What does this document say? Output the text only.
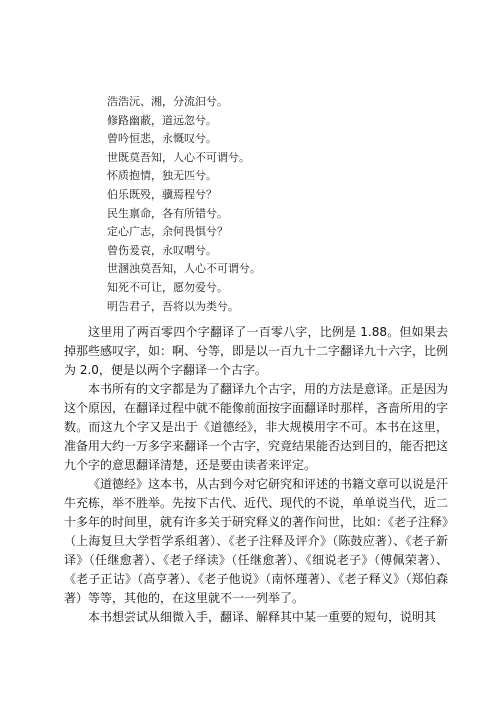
浩浩沅、湘，分流汩兮。
修路幽蔽，道远忽兮。
曾吟恒悲，永慨叹兮。
世既莫吾知，人心不可谓兮。
怀质抱情，独无匹兮。
伯乐既殁，骥焉程兮？
民生禀命，各有所错兮。
定心广志，余何畏惧兮？
曾伤爰哀，永叹喟兮。
世溷浊莫吾知，人心不可谓兮。
知死不可让，愿勿爱兮。
明告君子，吾将以为类兮。

这里用了两百零四个字翻译了一百零八字，比例是 1.88。但如果去掉那些感叹字，如：啊、兮等，即是以一百九十二字翻译九十六字，比例为 2.0，便是以两个字翻译一个古字。

本书所有的文字都是为了翻译九个古字，用的方法是意译。正是因为这个原因，在翻译过程中就不能像前面按字面翻译时那样，吝啬所用的字数。而这九个字又是出于《道德经》，非大规模用字不可。本书在这里，准备用大约一万多字来翻译一个古字，究竟结果能否达到目的，能否把这九个字的意思翻译清楚，还是要由读者来评定。

《道德经》这本书，从古到今对它研究和评述的书籍文章可以说是汗牛充栋，举不胜举。先按下古代、近代、现代的不说，单单说当代，近二十多年的时间里，就有许多关于研究释义的著作问世，比如：《老子注释》（上海复旦大学哲学系组著）、《老子注释及评介》（陈鼓应著）、《老子新译》（任继愈著）、《老子绎读》（任继愈著）、《细说老子》（傅佩荣著）、《老子正诂》（高亨著）、《老子他说》（南怀瑾著）、《老子释义》（郑伯森著）等等，其他的，在这里就不一一列举了。

本书想尝试从细微入手，翻译、解释其中某一重要的短句，说明其
